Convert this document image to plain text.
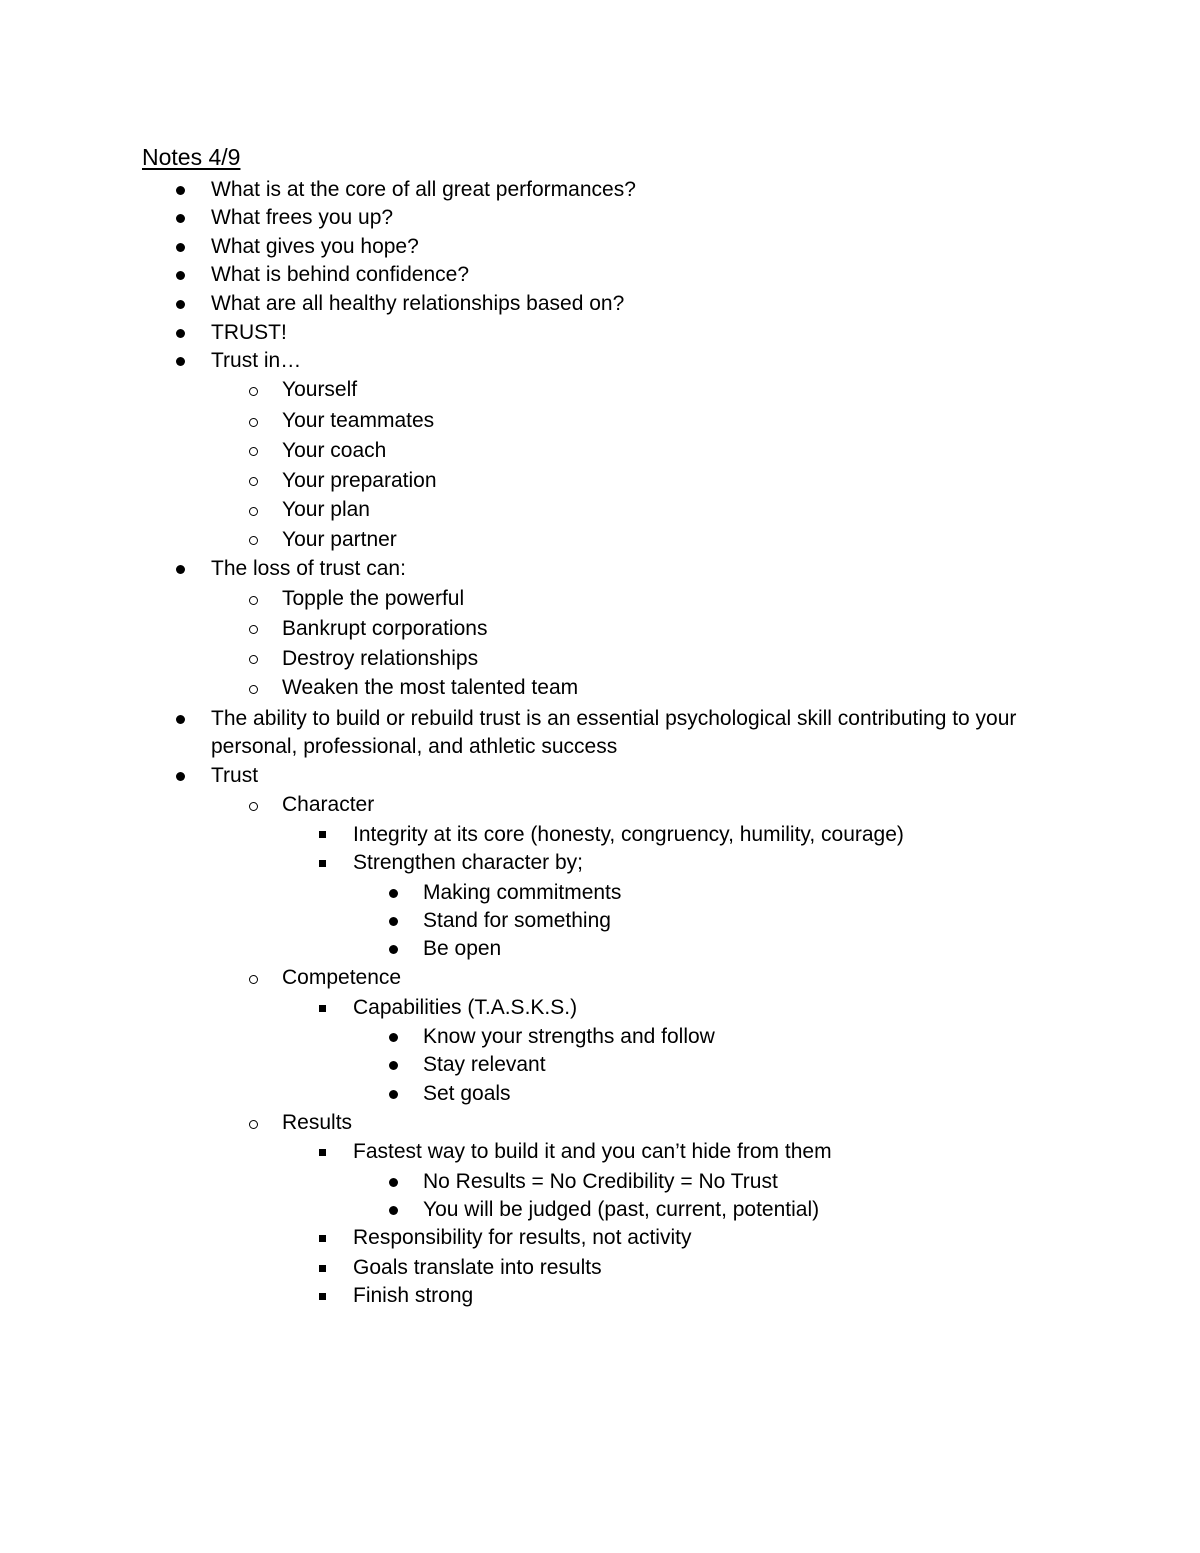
Notes 4/9
What is at the core of all great performances?
What frees you up?
What gives you hope?
What is behind confidence?
What are all healthy relationships based on?
TRUST!
Trust in…
Yourself
Your teammates
Your coach
Your preparation
Your plan
Your partner
The loss of trust can:
Topple the powerful
Bankrupt corporations
Destroy relationships
Weaken the most talented team
The ability to build or rebuild trust is an essential psychological skill contributing to your
personal, professional, and athletic success
Trust
Character
Integrity at its core (honesty, congruency, humility, courage)
Strengthen character by;
Making commitments
Stand for something
Be open
Competence
Capabilities (T.A.S.K.S.)
Know your strengths and follow
Stay relevant
Set goals
Results
Fastest way to build it and you can’t hide from them
No Results = No Credibility = No Trust
You will be judged (past, current, potential)
Responsibility for results, not activity
Goals translate into results
Finish strong
